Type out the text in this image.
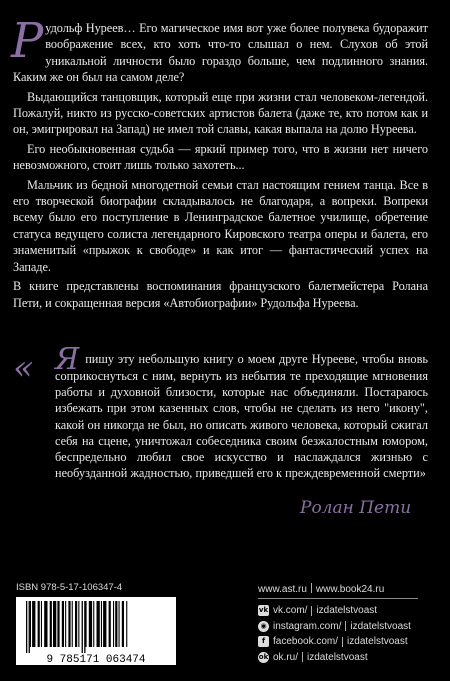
Рудольф Нуреев… Его магическое имя вот уже более полувека будоражит воображение всех, кто хоть что-то слышал о нем. Слухов об этой уникальной личности было гораздо больше, чем подлинного знания. Каким же он был на самом деле?

Выдающийся танцовщик, который еще при жизни стал человеком-легендой. Пожалуй, никто из русско-советских артистов балета (даже те, кто потом как и он, эмигрировал на Запад) не имел той славы, какая выпала на долю Нуреева.

Его необыкновенная судьба — яркий пример того, что в жизни нет ничего невозможного, стоит лишь только захотеть...

Мальчик из бедной многодетной семьи стал настоящим гением танца. Все в его творческой биографии складывалось не благодаря, а вопреки. Вопреки всему было его поступление в Ленинградское балетное училище, обретение статуса ведущего солиста легендарного Кировского театра оперы и балета, его знаменитый «прыжок к свободе» и как итог — фантастический успех на Западе.

В книге представлены воспоминания французского балетмейстера Ролана Пети, и сокращенная версия «Автобиографии» Рудольфа Нуреева.

« Я пишу эту небольшую книгу о моем друге Нурееве, чтобы вновь соприкоснуться с ним, вернуть из небытия те преходящие мгновения работы и духовной близости, которые нас объединяли. Постараюсь избежать при этом казенных слов, чтобы не сделать из него "икону", какой он никогда не был, но описать живого человека, который сжигал себя на сцене, уничтожал собеседника своим безжалостным юмором, беспредельно любил свое искусство и наслаждался жизнью с необузданной жадностью, приведшей его к преждевременной смерти»

Ролан Пети
ISBN 978-5-17-106347-4
9 785171 063474
www.ast.ru www.book24.ru
vk vk.com/ izdatelstvoast
◉ instagram.com/ izdatelstvoast
f facebook.com/ izdatelstvoast
ok ok.ru/ izdatelstvoast
